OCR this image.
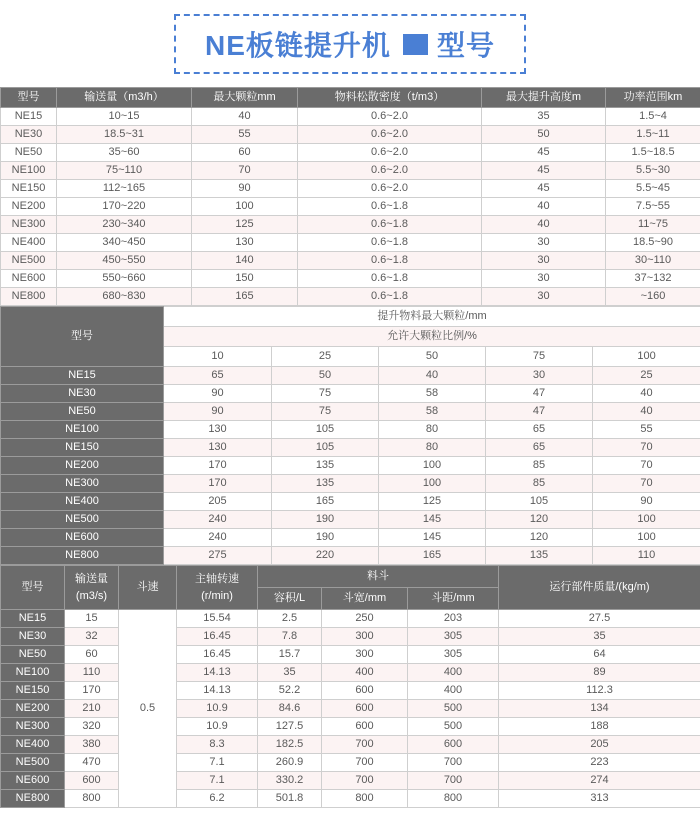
NE板链提升机 型号
型号	输送量（m3/h）	最大颗粒mm	物料松散密度（t/m3）	最大提升高度m	功率范围km
NE15	10~15	40	0.6~2.0	35	1.5~4
NE30	18.5~31	55	0.6~2.0	50	1.5~11
NE50	35~60	60	0.6~2.0	45	1.5~18.5
NE100	75~110	70	0.6~2.0	45	5.5~30
NE150	112~165	90	0.6~2.0	45	5.5~45
NE200	170~220	100	0.6~1.8	40	7.5~55
NE300	230~340	125	0.6~1.8	40	11~75
NE400	340~450	130	0.6~1.8	30	18.5~90
NE500	450~550	140	0.6~1.8	30	30~110
NE600	550~660	150	0.6~1.8	30	37~132
NE800	680~830	165	0.6~1.8	30	~160
型号	提升物料最大颗粒/mm				
	允许大颗粒比例/%				
	10	25	50	75	100
NE15	65	50	40	30	25
NE30	90	75	58	47	40
NE50	90	75	58	47	40
NE100	130	105	80	65	55
NE150	130	105	80	65	70
NE200	170	135	100	85	70
NE300	170	135	100	85	70
NE400	205	165	125	105	90
NE500	240	190	145	120	100
NE600	240	190	145	120	100
NE800	275	220	165	135	110
型号	
输送量
(m3/s)
	斗速	
主轴转速
(r/min)
	料斗	运行部件质量/(kg/m)
				容积/L	斗宽/mm	斗距/mm	
NE15	15	0.5	15.54	2.5	250	203	27.5
NE30	32		16.45	7.8	300	305	35
NE50	60		16.45	15.7	300	305	64
NE100	110		14.13	35	400	400	89
NE150	170		14.13	52.2	600	400	112.3
NE200	210		10.9	84.6	600	500	134
NE300	320		10.9	127.5	600	500	188
NE400	380		8.3	182.5	700	600	205
NE500	470		7.1	260.9	700	700	223
NE600	600		7.1	330.2	700	700	274
NE800	800		6.2	501.8	800	800	313
